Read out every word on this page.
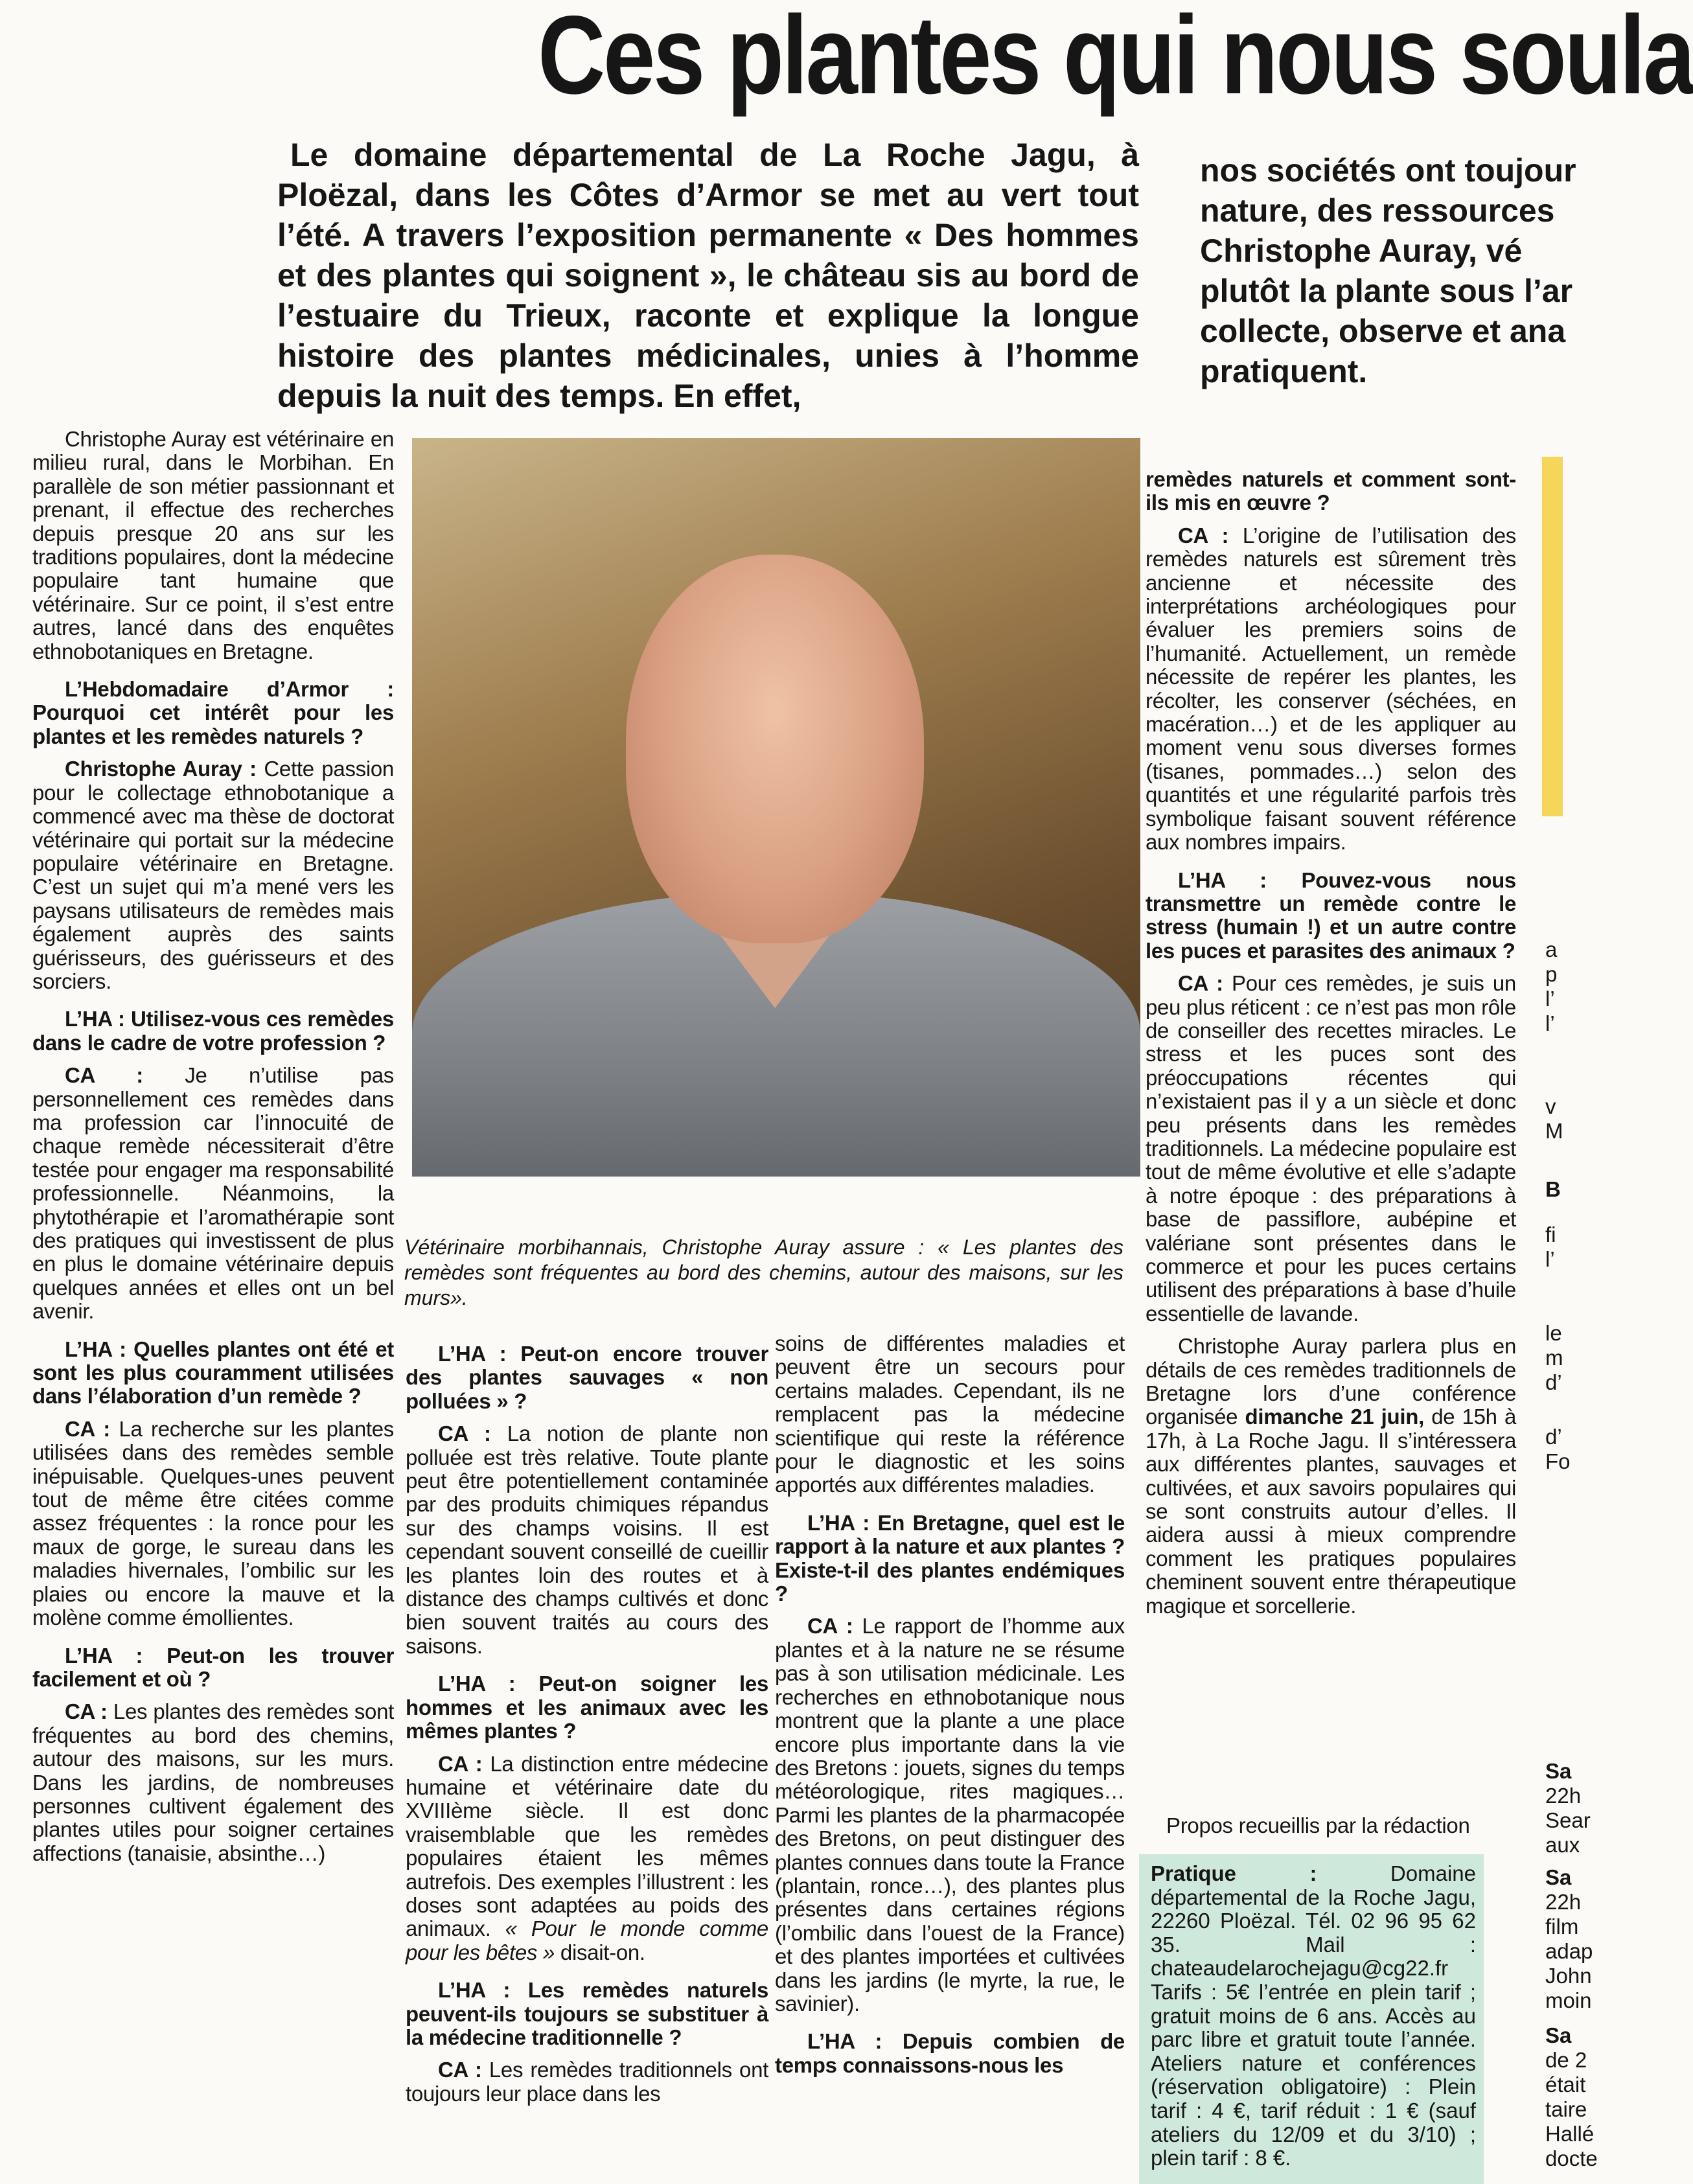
Ces plantes qui nous soula
Le domaine départemental de La Roche Jagu, à Ploëzal, dans les Côtes d’Armor se met au vert tout l’été. A travers l’exposition permanente « Des hommes et des plantes qui soignent », le château sis au bord de l’estuaire du Trieux, raconte et explique la longue histoire des plantes médicinales, unies à l’homme depuis la nuit des temps. En effet,
nos sociétés ont toujour
nature, des ressources
Christophe Auray, vé
plutôt la plante sous l’ar
collecte, observe et ana
pratiquent.

Christophe Auray est vétérinaire en milieu rural, dans le Morbihan. En parallèle de son métier passionnant et prenant, il effectue des recherches depuis presque 20 ans sur les traditions populaires, dont la médecine populaire tant humaine que vétérinaire. Sur ce point, il s’est entre autres, lancé dans des enquêtes ethnobotaniques en Bretagne.

L’Hebdomadaire d’Armor : Pourquoi cet intérêt pour les plantes et les remèdes naturels ?

Christophe Auray : Cette passion pour le collectage ethnobotanique a commencé avec ma thèse de doctorat vétérinaire qui portait sur la médecine populaire vétérinaire en Bretagne. C’est un sujet qui m’a mené vers les paysans utilisateurs de remèdes mais également auprès des saints guérisseurs, des guérisseurs et des sorciers.

L’HA : Utilisez-vous ces remèdes dans le cadre de votre profession ?

CA : Je n’utilise pas personnellement ces remèdes dans ma profession car l’innocuité de chaque remède nécessiterait d’être testée pour engager ma responsabilité professionnelle. Néanmoins, la phytothérapie et l’aromathérapie sont des pratiques qui investissent de plus en plus le domaine vétérinaire depuis quelques années et elles ont un bel avenir.

L’HA : Quelles plantes ont été et sont les plus couramment utilisées dans l’élaboration d’un remède ?

CA : La recherche sur les plantes utilisées dans des remèdes semble inépuisable. Quelques-unes peuvent tout de même être citées comme assez fréquentes : la ronce pour les maux de gorge, le sureau dans les maladies hivernales, l’ombilic sur les plaies ou encore la mauve et la molène comme émollientes.

L’HA : Peut-on les trouver facilement et où ?

CA : Les plantes des remèdes sont fréquentes au bord des chemins, autour des maisons, sur les murs. Dans les jardins, de nombreuses personnes cultivent également des plantes utiles pour soigner certaines affections (tanaisie, absinthe…)

Vétérinaire morbihannais, Christophe Auray assure : « Les plantes des remèdes sont fréquentes au bord des chemins, autour des maisons, sur les murs».

L’HA : Peut-on encore trouver des plantes sauvages « non polluées » ?

CA : La notion de plante non polluée est très relative. Toute plante peut être potentiellement contaminée par des produits chimiques répandus sur des champs voisins. Il est cependant souvent conseillé de cueillir les plantes loin des routes et à distance des champs cultivés et donc bien souvent traités au cours des saisons.

L’HA : Peut-on soigner les hommes et les animaux avec les mêmes plantes ?

CA : La distinction entre médecine humaine et vétérinaire date du XVIIIème siècle. Il est donc vraisemblable que les remèdes populaires étaient les mêmes autrefois. Des exemples l’illustrent : les doses sont adaptées au poids des animaux. « Pour le monde comme pour les bêtes » disait-on.

L’HA : Les remèdes naturels peuvent-ils toujours se substituer à la médecine traditionnelle ?

CA : Les remèdes traditionnels ont toujours leur place dans les

soins de différentes maladies et peuvent être un secours pour certains malades. Cependant, ils ne remplacent pas la médecine scientifique qui reste la référence pour le diagnostic et les soins apportés aux différentes maladies.

L’HA : En Bretagne, quel est le rapport à la nature et aux plantes ? Existe-t-il des plantes endémiques ?

CA : Le rapport de l’homme aux plantes et à la nature ne se résume pas à son utilisation médicinale. Les recherches en ethnobotanique nous montrent que la plante a une place encore plus importante dans la vie des Bretons : jouets, signes du temps météorologique, rites magiques… Parmi les plantes de la pharmacopée des Bretons, on peut distinguer des plantes connues dans toute la France (plantain, ronce…), des plantes plus présentes dans certaines régions (l’ombilic dans l’ouest de la France) et des plantes importées et cultivées dans les jardins (le myrte, la rue, le savinier).

L’HA : Depuis combien de temps connaissons-nous les

remèdes naturels et comment sont-ils mis en œuvre ?

CA : L’origine de l’utilisation des remèdes naturels est sûrement très ancienne et nécessite des interprétations archéologiques pour évaluer les premiers soins de l’humanité. Actuellement, un remède nécessite de repérer les plantes, les récolter, les conserver (séchées, en macération…) et de les appliquer au moment venu sous diverses formes (tisanes, pommades…) selon des quantités et une régularité parfois très symbolique faisant souvent référence aux nombres impairs.

L’HA : Pouvez-vous nous transmettre un remède contre le stress (humain !) et un autre contre les puces et parasites des animaux ?

CA : Pour ces remèdes, je suis un peu plus réticent : ce n’est pas mon rôle de conseiller des recettes miracles. Le stress et les puces sont des préoccupations récentes qui n’existaient pas il y a un siècle et donc peu présents dans les remèdes traditionnels. La médecine populaire est tout de même évolutive et elle s’adapte à notre époque : des préparations à base de passiflore, aubépine et valériane sont présentes dans le commerce et pour les puces certains utilisent des préparations à base d’huile essentielle de lavande.

Christophe Auray parlera plus en détails de ces remèdes traditionnels de Bretagne lors d’une conférence organisée dimanche 21 juin, de 15h à 17h, à La Roche Jagu. Il s’intéressera aux différentes plantes, sauvages et cultivées, et aux savoirs populaires qui se sont construits autour d’elles. Il aidera aussi à mieux comprendre comment les pratiques populaires cheminent souvent entre thérapeutique magique et sorcellerie.

Propos recueillis par la rédaction
Pratique : Domaine départemental de la Roche Jagu, 22260 Ploëzal. Tél. 02 96 95 62 35. Mail : chateaudelarochejagu@cg22.fr Tarifs : 5€ l’entrée en plein tarif ; gratuit moins de 6 ans. Accès au parc libre et gratuit toute l’année. Ateliers nature et conférences (réservation obligatoire) : Plein tarif : 4 €, tarif réduit : 1 € (sauf ateliers du 12/09 et du 3/10) ; plein tarif : 8 €.
a
p
l’
l’
v
M
B
fi
l’
le
m
d’
d’
Fo
Sa
22h
Sear
aux
Sa
22h
film
adap
John
moin
Sa
de 2
était
taire
Hallé
docte
